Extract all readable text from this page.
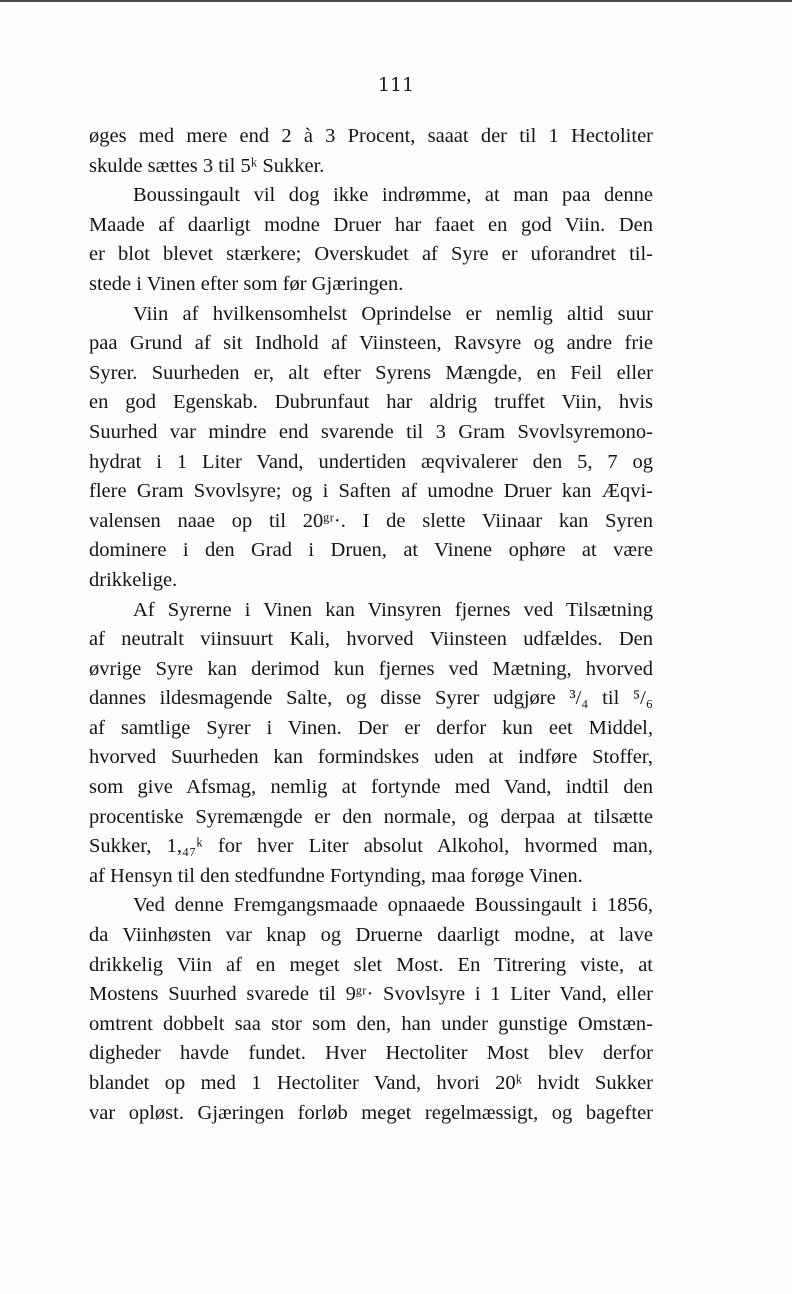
111
øges med mere end 2 à 3 Procent, saaat der til 1 Hectoliter
skulde sættes 3 til 5ᵏ Sukker.
Boussingault vil dog ikke indrømme, at man paa denne
Maade af daarligt modne Druer har faaet en god Viin. Den
er blot blevet stærkere; Overskudet af Syre er uforandret til-
stede i Vinen efter som før Gjæringen.
Viin af hvilkensomhelst Oprindelse er nemlig altid suur
paa Grund af sit Indhold af Viinsteen, Ravsyre og andre frie
Syrer. Suurheden er, alt efter Syrens Mængde, en Feil eller
en god Egenskab. Dubrunfaut har aldrig truffet Viin, hvis
Suurhed var mindre end svarende til 3 Gram Svovlsyremono-
hydrat i 1 Liter Vand, undertiden æqvivalerer den 5, 7 og
flere Gram Svovlsyre; og i Saften af umodne Druer kan Æqvi-
valensen naae op til 20ᵍʳ·. I de slette Viinaar kan Syren
dominere i den Grad i Druen, at Vinene ophøre at være
drikkelige.
Af Syrerne i Vinen kan Vinsyren fjernes ved Tilsætning
af neutralt viinsuurt Kali, hvorved Viinsteen udfældes. Den
øvrige Syre kan derimod kun fjernes ved Mætning, hvorved
dannes ildesmagende Salte, og disse Syrer udgjøre ³/₄ til ⁵/₆
af samtlige Syrer i Vinen. Der er derfor kun eet Middel,
hvorved Suurheden kan formindskes uden at indføre Stoffer,
som give Afsmag, nemlig at fortynde med Vand, indtil den
procentiske Syremængde er den normale, og derpaa at tilsætte
Sukker, 1,₄₇ᵏ for hver Liter absolut Alkohol, hvormed man,
af Hensyn til den stedfundne Fortynding, maa forøge Vinen.
Ved denne Fremgangsmaade opnaaede Boussingault i 1856,
da Viinhøsten var knap og Druerne daarligt modne, at lave
drikkelig Viin af en meget slet Most. En Titrering viste, at
Mostens Suurhed svarede til 9ᵍʳ· Svovlsyre i 1 Liter Vand, eller
omtrent dobbelt saa stor som den, han under gunstige Omstæn-
digheder havde fundet. Hver Hectoliter Most blev derfor
blandet op med 1 Hectoliter Vand, hvori 20ᵏ hvidt Sukker
var opløst. Gjæringen forløb meget regelmæssigt, og bagefter
